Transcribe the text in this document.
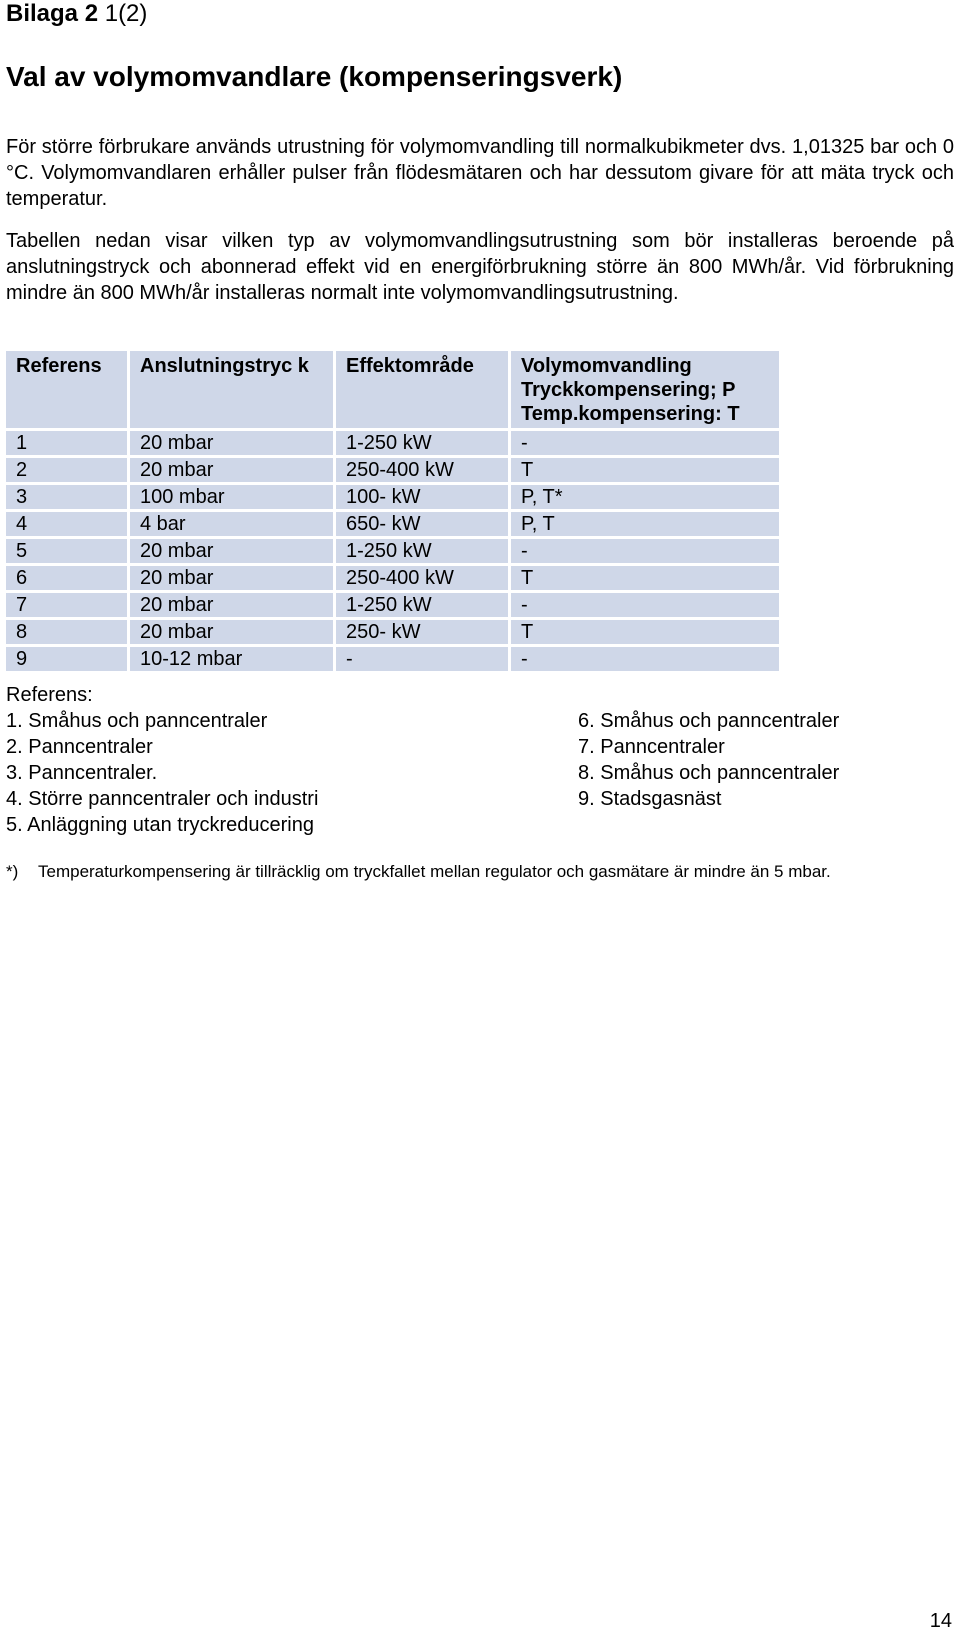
Bilaga 2 1(2)
Val av volymomvandlare (kompenseringsverk)

För större förbrukare används utrustning för volymomvandling till normalkubikmeter dvs. 1,01325 bar och 0 °C. Volymomvandlaren erhåller pulser från flödesmätaren och har dessutom givare för att mäta tryck och temperatur.

Tabellen nedan visar vilken typ av volymomvandlingsutrustning som bör installeras beroende på anslutningstryck och abonnerad effekt vid en energiförbrukning större än 800 MWh/år. Vid förbrukning mindre än 800 MWh/år installeras normalt inte volymomvandlingsutrustning.

Referens	Anslutningstryc k	Effektområde	Volymomvandling Tryckkompensering; P Temp.kompensering: T
1	20 mbar	1-250 kW	-
2	20 mbar	250-400 kW	T
3	100 mbar	100- kW	P, T*
4	4 bar	650- kW	P, T
5	20 mbar	1-250 kW	-
6	20 mbar	250-400 kW	T
7	20 mbar	1-250 kW	-
8	20 mbar	250- kW	T
9	10-12 mbar	-	-
Referens:
1. Småhus och panncentraler
2. Panncentraler
3. Panncentraler.
4. Större panncentraler och industri
5. Anläggning utan tryckreducering
6. Småhus och panncentraler
7. Panncentraler
8. Småhus och panncentraler
9. Stadsgasnäst
*) Temperaturkompensering är tillräcklig om tryckfallet mellan regulator och gasmätare är mindre än 5 mbar.
14
